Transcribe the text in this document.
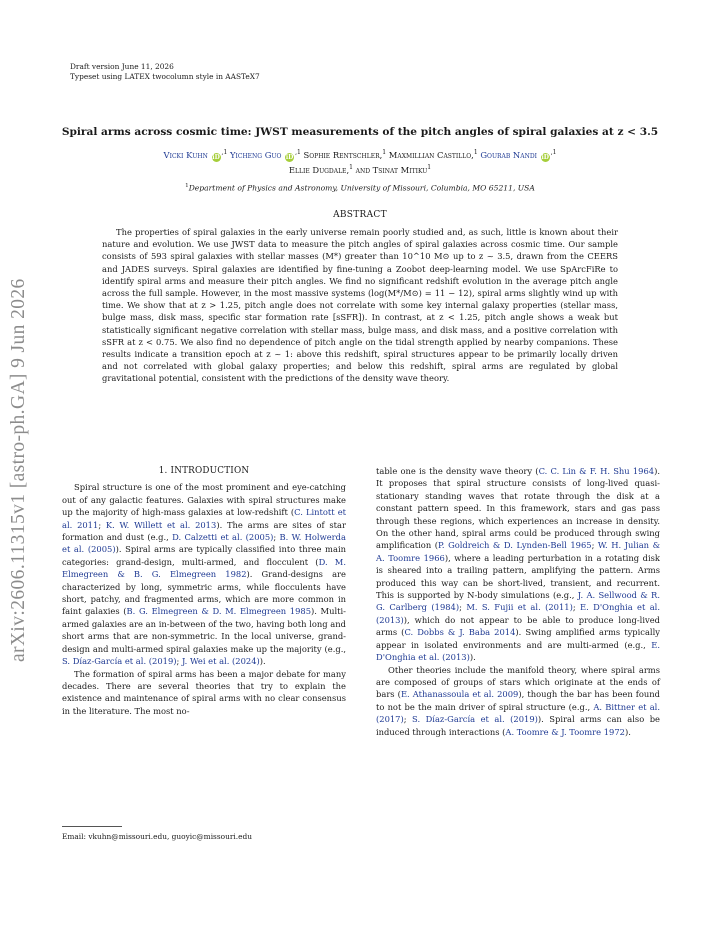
arXiv:2606.11315v1 [astro-ph.GA] 9 Jun 2026
Draft version June 11, 2026
Typeset using LATEX twocolumn style in AASTeX7
Spiral arms across cosmic time: JWST measurements of the pitch angles of spiral galaxies at z < 3.5
Vicki Kuhn $iD^{,1}$ Yicheng Guo $iD^{,1}$ Sophie Rentschler,$^1$ Maxmillian Castillo,$^1$ Gourab Nandi $iD^{,1}$
Ellie Dugdale,$^1$ and Tsinat Mitiku$^1$
$^1$Department of Physics and Astronomy, University of Missouri, Columbia, MO 65211, USA
ABSTRACT

The properties of spiral galaxies in the early universe remain poorly studied and, as such, little is known about their nature and evolution. We use JWST data to measure the pitch angles of spiral galaxies across cosmic time. Our sample consists of 593 spiral galaxies with stellar masses (M*) greater than 10^10 M⊙ up to z ~ 3.5, drawn from the CEERS and JADES surveys. Spiral galaxies are identified by fine-tuning a Zoobot deep-learning model. We use SpArcFiRe to identify spiral arms and measure their pitch angles. We find no significant redshift evolution in the average pitch angle across the full sample. However, in the most massive systems (log(M*/M⊙) = 11 − 12), spiral arms slightly wind up with time. We show that at z > 1.25, pitch angle does not correlate with some key internal galaxy properties (stellar mass, bulge mass, disk mass, specific star formation rate [sSFR]). In contrast, at z < 1.25, pitch angle shows a weak but statistically significant negative correlation with stellar mass, bulge mass, and disk mass, and a positive correlation with sSFR at z < 0.75. We also find no dependence of pitch angle on the tidal strength applied by nearby companions. These results indicate a transition epoch at z ~ 1: above this redshift, spiral structures appear to be primarily locally driven and not correlated with global galaxy properties; and below this redshift, spiral arms are regulated by global gravitational potential, consistent with the predictions of the density wave theory.

1. INTRODUCTION

Spiral structure is one of the most prominent and eye-catching out of any galactic features. Galaxies with spiral structures make up the majority of high-mass galaxies at low-redshift (C. Lintott et al. 2011; K. W. Willett et al. 2013). The arms are sites of star formation and dust (e.g., D. Calzetti et al. (2005); B. W. Holwerda et al. (2005)). Spiral arms are typically classified into three main categories: grand-design, multi-armed, and flocculent (D. M. Elmegreen & B. G. Elmegreen 1982). Grand-designs are characterized by long, symmetric arms, while flocculents have short, patchy, and fragmented arms, which are more common in faint galaxies (B. G. Elmegreen & D. M. Elmegreen 1985). Multi-armed galaxies are an in-between of the two, having both long and short arms that are non-symmetric. In the local universe, grand-design and multi-armed spiral galaxies make up the majority (e.g., S. Díaz-García et al. (2019); J. Wei et al. (2024)).

The formation of spiral arms has been a major debate for many decades. There are several theories that try to explain the existence and maintenance of spiral arms with no clear consensus in the literature. The most no-

table one is the density wave theory (C. C. Lin & F. H. Shu 1964). It proposes that spiral structure consists of long-lived quasi-stationary standing waves that rotate through the disk at a constant pattern speed. In this framework, stars and gas pass through these regions, which experiences an increase in density. On the other hand, spiral arms could be produced through swing amplification (P. Goldreich & D. Lynden-Bell 1965; W. H. Julian & A. Toomre 1966), where a leading perturbation in a rotating disk is sheared into a trailing pattern, amplifying the pattern. Arms produced this way can be short-lived, transient, and recurrent. This is supported by N-body simulations (e.g., J. A. Sellwood & R. G. Carlberg (1984); M. S. Fujii et al. (2011); E. D'Onghia et al. (2013)), which do not appear to be able to produce long-lived arms (C. Dobbs & J. Baba 2014). Swing amplified arms typically appear in isolated environments and are multi-armed (e.g., E. D'Onghia et al. (2013)).

Other theories include the manifold theory, where spiral arms are composed of groups of stars which originate at the ends of bars (E. Athanassoula et al. 2009), though the bar has been found to not be the main driver of spiral structure (e.g., A. Bittner et al. (2017); S. Díaz-García et al. (2019)). Spiral arms can also be induced through interactions (A. Toomre & J. Toomre 1972).

Email: vkuhn@missouri.edu, guoyic@missouri.edu
